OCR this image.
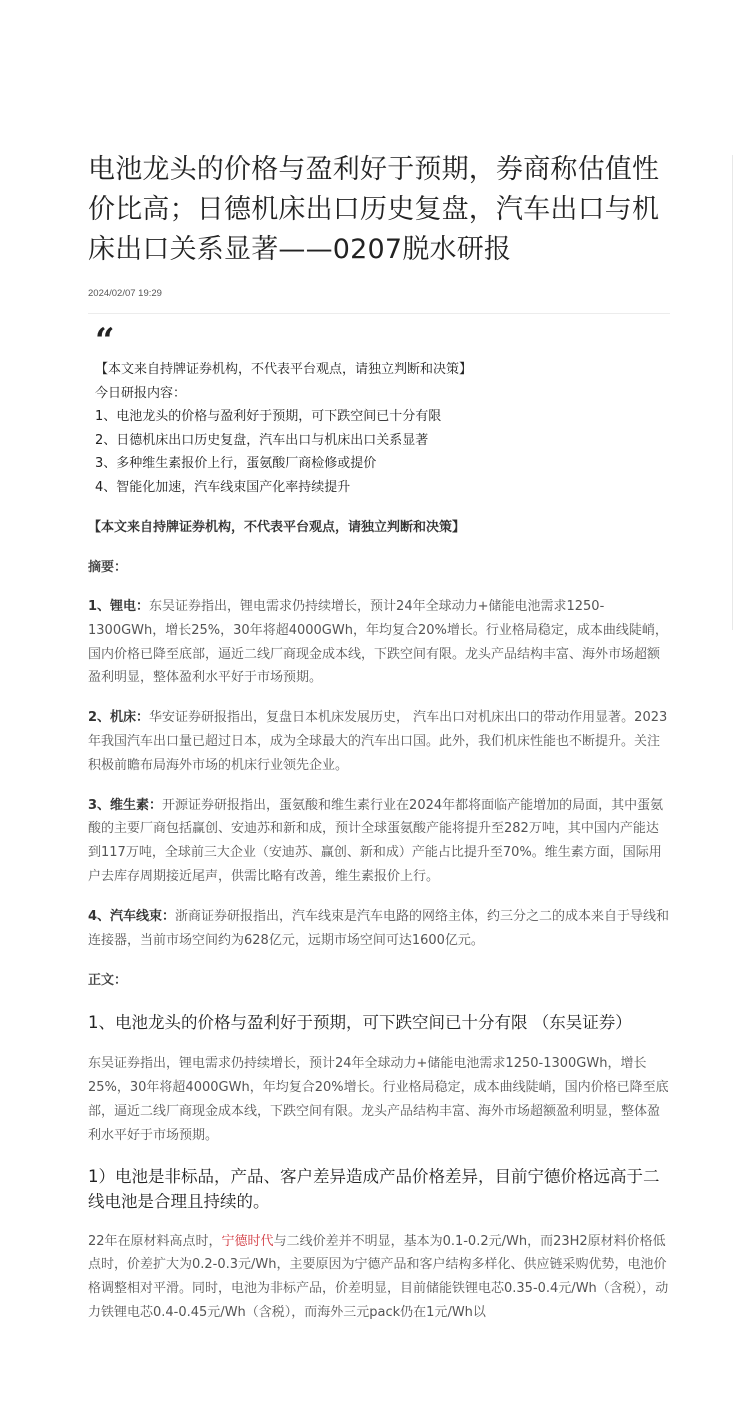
电池龙头的价格与盈利好于预期，券商称估值性价比高；日德机床出口历史复盘，汽车出口与机床出口关系显著——0207脱水研报
2024/02/07 19:29
“
【本文来自持牌证券机构，不代表平台观点，请独立判断和决策】
今日研报内容：
1、电池龙头的价格与盈利好于预期，可下跌空间已十分有限
2、日德机床出口历史复盘，汽车出口与机床出口关系显著
3、多种维生素报价上行，蛋氨酸厂商检修或提价
4、智能化加速，汽车线束国产化率持续提升
【本文来自持牌证券机构，不代表平台观点，请独立判断和决策】
摘要：
1、锂电：东吴证券指出，锂电需求仍持续增长，预计24年全球动力+储能电池需求1250-1300GWh，增长25%，30年将超4000GWh，年均复合20%增长。行业格局稳定，成本曲线陡峭，国内价格已降至底部，逼近二线厂商现金成本线，下跌空间有限。龙头产品结构丰富、海外市场超额盈利明显，整体盈利水平好于市场预期。
2、机床：华安证券研报指出，复盘日本机床发展历史， 汽车出口对机床出口的带动作用显著。2023年我国汽车出口量已超过日本，成为全球最大的汽车出口国。此外，我们机床性能也不断提升。关注积极前瞻布局海外市场的机床行业领先企业。
3、维生素：开源证券研报指出，蛋氨酸和维生素行业在2024年都将面临产能增加的局面，其中蛋氨酸的主要厂商包括赢创、安迪苏和新和成，预计全球蛋氨酸产能将提升至282万吨，其中国内产能达到117万吨，全球前三大企业（安迪苏、赢创、新和成）产能占比提升至70%。维生素方面，国际用户去库存周期接近尾声，供需比略有改善，维生素报价上行。
4、汽车线束：浙商证券研报指出，汽车线束是汽车电路的网络主体，约三分之二的成本来自于导线和连接器，当前市场空间约为628亿元，远期市场空间可达1600亿元。
正文：
1、电池龙头的价格与盈利好于预期，可下跌空间已十分有限 （东吴证券）
东吴证券指出，锂电需求仍持续增长，预计24年全球动力+储能电池需求1250-1300GWh，增长25%，30年将超4000GWh，年均复合20%增长。行业格局稳定，成本曲线陡峭，国内价格已降至底部，逼近二线厂商现金成本线，下跌空间有限。龙头产品结构丰富、海外市场超额盈利明显，整体盈利水平好于市场预期。
1）电池是非标品，产品、客户差异造成产品价格差异，目前宁德价格远高于二线电池是合理且持续的。
22年在原材料高点时，宁德时代与二线价差并不明显，基本为0.1-0.2元/Wh，而23H2原材料价格低点时，价差扩大为0.2-0.3元/Wh，主要原因为宁德产品和客户结构多样化、供应链采购优势，电池价格调整相对平滑。同时，电池为非标产品，价差明显，目前储能铁锂电芯0.35-0.4元/Wh（含税），动力铁锂电芯0.4-0.45元/Wh（含税），而海外三元pack仍在1元/Wh以
